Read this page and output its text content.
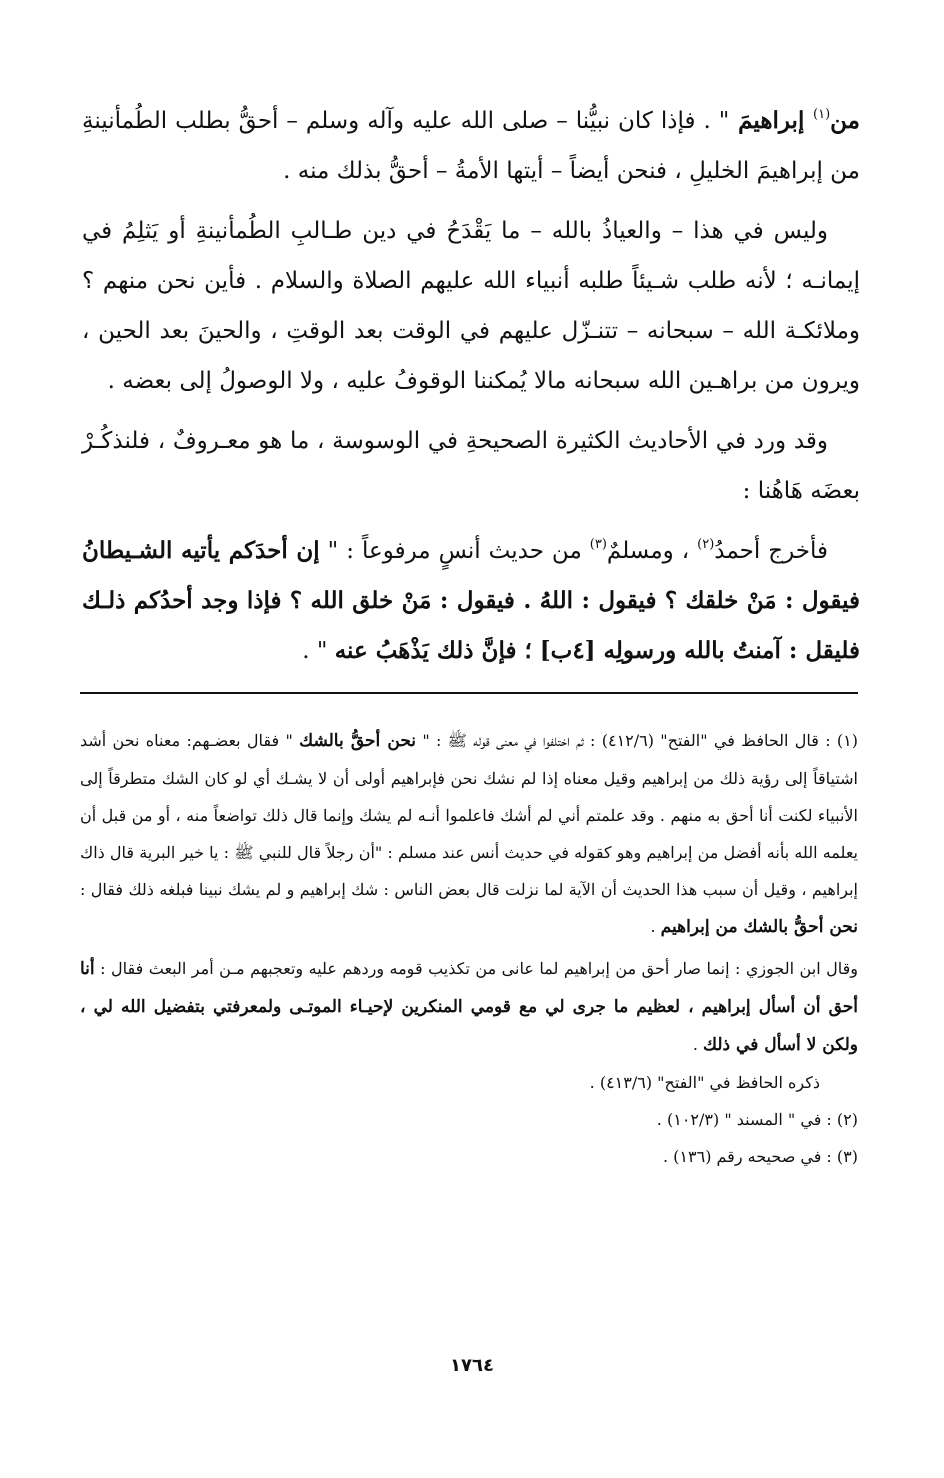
من$^{(١)}$ إبراهيمَ " . فإذا كان نبيُّنا – صلى الله عليه وآله وسلم – أحقُّ بطلب الطُمأنينةِ من إبراهيمَ الخليلِ ، فنحن أيضاً – أيتها الأمةُ – أحقُّ بذلك منه .

وليس في هذا – والعياذُ بالله – ما يَقْدَحُ في دين طـالبِ الطُمأنينةِ أو يَثلِمُ في إيمانـه ؛ لأنه طلب شـيئاً طلبه أنبياء الله عليهم الصلاة والسلام . فأين نحن منهم ؟ وملائكـة الله – سبحانه – تتنـزّل عليهم في الوقت بعد الوقتِ ، والحينَ بعد الحين ، ويرون من براهـين الله سبحانه مالا يُمكننا الوقوفُ عليه ، ولا الوصولُ إلى بعضه .

وقد ورد في الأحاديث الكثيرة الصحيحةِ في الوسوسة ، ما هو معـروفٌ ، فلنذكُـرْ بعضَه هَاهُنا :

فأخرج أحمدُ$^{(٢)}$ ، ومسلمٌ$^{(٣)}$ من حديث أنسٍ مرفوعاً : " إن أحدَكم يأتيه الشـيطانُ فيقول : مَنْ خلقك ؟ فيقول : اللهُ . فيقول : مَنْ خلق الله ؟ فإذا وجد أحدُكم ذلـك فليقل : آمنتُ بالله ورسولِه [٤ب] ؛ فإنَّ ذلك يَذْهَبُ عنه " .

(١) : قال الحافظ في "الفتح" (٤١٢/٦) : ثم اختلفوا في معنى قوله ﷺ : " نحن أحقُّ بالشك " فقال بعضـهم: معناه نحن أشد اشتياقاً إلى رؤية ذلك من إبراهيم وقيل معناه إذا لم نشك نحن فإبراهيم أولى أن لا يشـك أي لو كان الشك متطرقاً إلى الأنبياء لكنت أنا أحق به منهم . وقد علمتم أني لم أشك فاعلموا أنـه لم يشك وإنما قال ذلك تواضعاً منه ، أو من قبل أن يعلمه الله بأنه أفضل من إبراهيم وهو كقوله في حديث أنس عند مسلم : "أن رجلاً قال للنبي ﷺ : يا خير البرية قال ذاك إبراهيم ، وقيل أن سبب هذا الحديث أن الآية لما نزلت قال بعض الناس : شك إبراهيم و لم يشك نبينا فبلغه ذلك فقال : نحن أحقُّ بالشك من إبراهيم .

وقال ابن الجوزي : إنما صار أحق من إبراهيم لما عانى من تكذيب قومه وردهم عليه وتعجبهم مـن أمر البعث فقال : أنا أحق أن أسأل إبراهيم ، لعظيم ما جرى لي مع قومي المنكرين لإحيـاء الموتـى ولمعرفتي بتفضيل الله لي ، ولكن لا أسأل في ذلك .

ذكره الحافظ في "الفتح" (٤١٣/٦) .

(٢) : في " المسند " (١٠٢/٣) .

(٣) : في صحيحه رقم (١٣٦) .

١٧٦٤
